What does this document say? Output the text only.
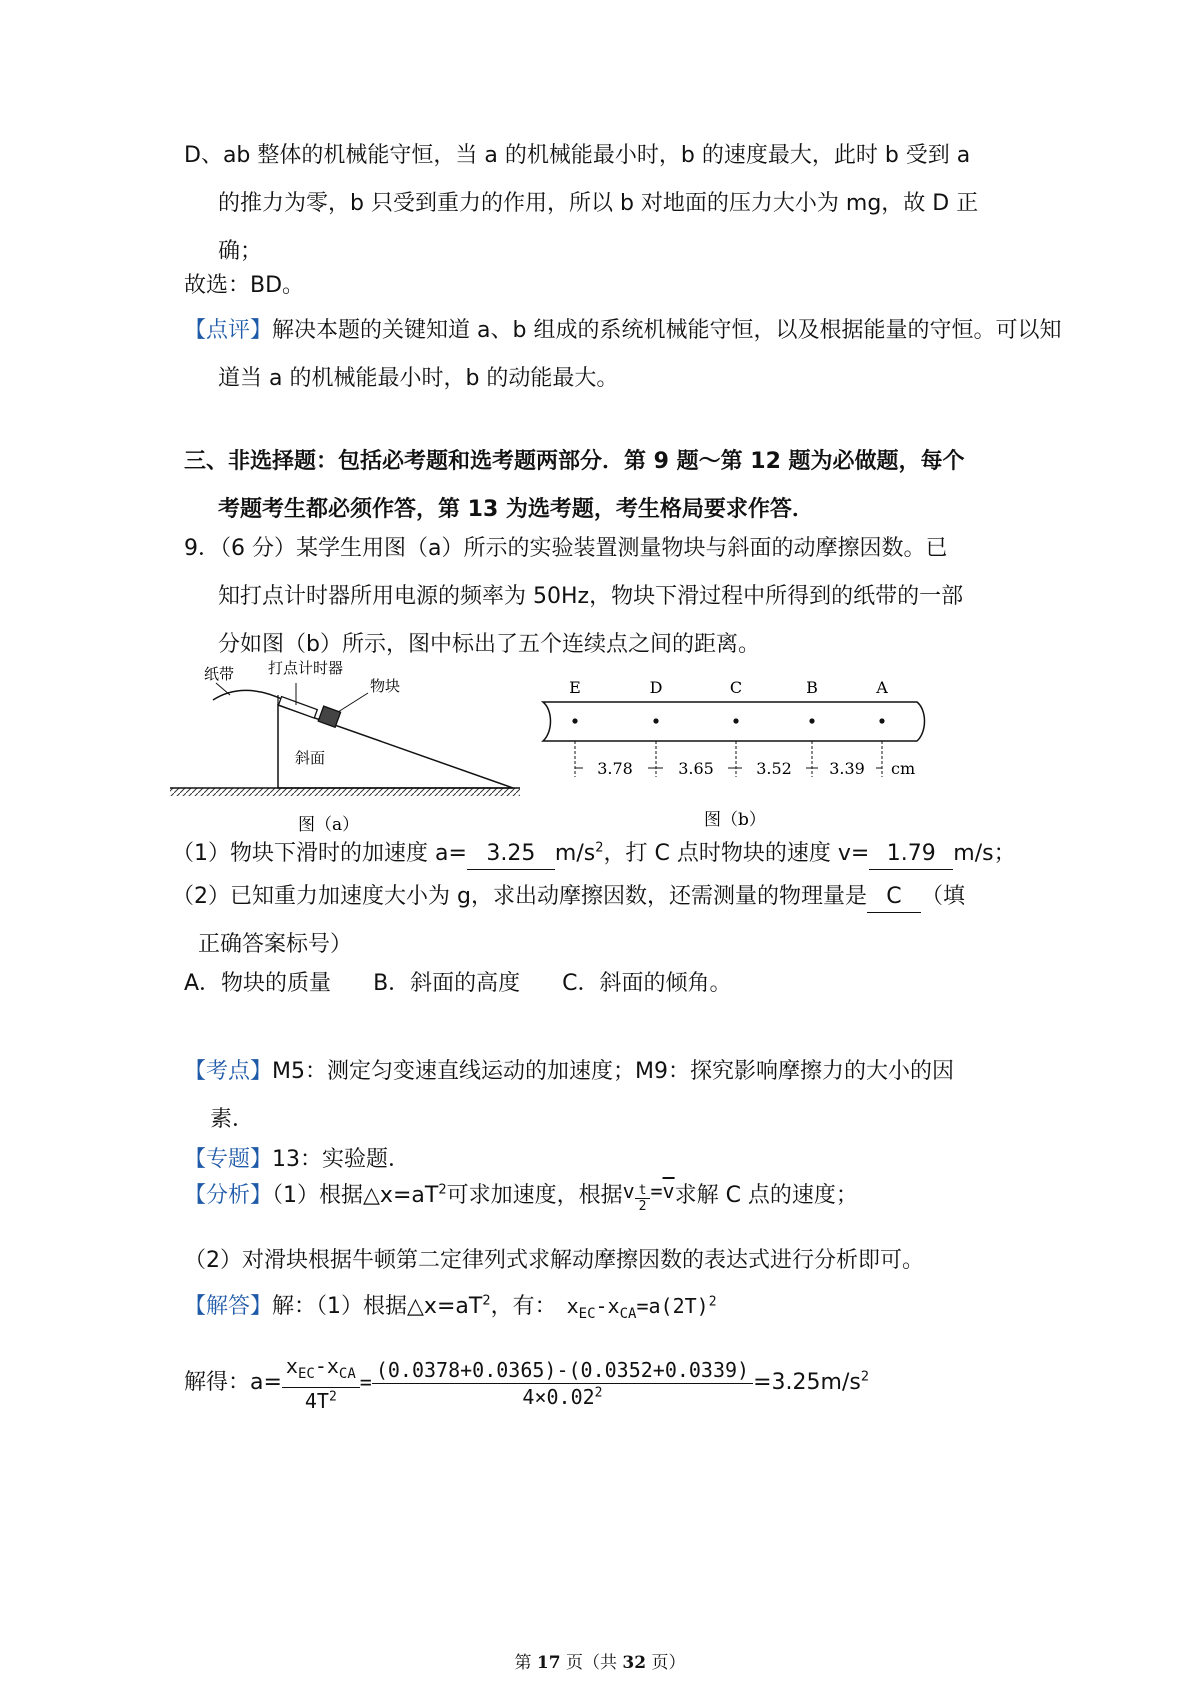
D、ab 整体的机械能守恒，当 a 的机械能最小时，b 的速度最大，此时 b 受到 a
的推力为零，b 只受到重力的作用，所以 b 对地面的压力大小为 mg，故 D 正
确；
故选：BD。
【点评】解决本题的关键知道 a、b 组成的系统机械能守恒，以及根据能量的守恒。可以知道当 a 的机械能最小时，b 的动能最大。
三、非选择题：包括必考题和选考题两部分．第 9 题～第 12 题为必做题，每个
考题考生都必须作答，第 13 为选考题，考生格局要求作答．
9．（6 分）某学生用图（a）所示的实验装置测量物块与斜面的动摩擦因数。已
知打点计时器所用电源的频率为 50Hz，物块下滑过程中所得到的纸带的一部
分如图（b）所示，图中标出了五个连续点之间的距离。
纸带 打点计时器
物块
斜面
图（a）
E	D	C	B	A
3.78	3.65	3.52 3.39 cm
图（b）
（1）物块下滑时的加速度 a= 3.25 $m/s^2$，打 C 点时物块的速度 v= 1.79 m/s；
（2）已知重力加速度大小为 g，求出动摩擦因数，还需测量的物理量是 C （填
正确答案标号）
A．物块的质量 B．斜面的高度 C．斜面的倾角。
【考点】M5：测定匀变速直线运动的加速度；M9：探究影响摩擦力的大小的因
素．
【专题】13：实验题．
【分析】（1）根据$\triangle x=aT^2$可求加速度，根据v $\frac{t}{2} =\overline{v}$求解 C 点的速度；
（2）对滑块根据牛顿第二定律列式求解动摩擦因数的表达式进行分析即可。
【解答】解：（1）根据$\triangle x=aT^2$，有： $x_{EC}-x_{CA}=a(2T)^2$
解得：$a= \frac{x_{EC}-x_{CA}}{4T^2} = \frac{(0.0378+0.0365)-(0.0352+0.0339)}{4\times 0.02^2} =3.25m/s^2$
第 17 页（共 32 页）
